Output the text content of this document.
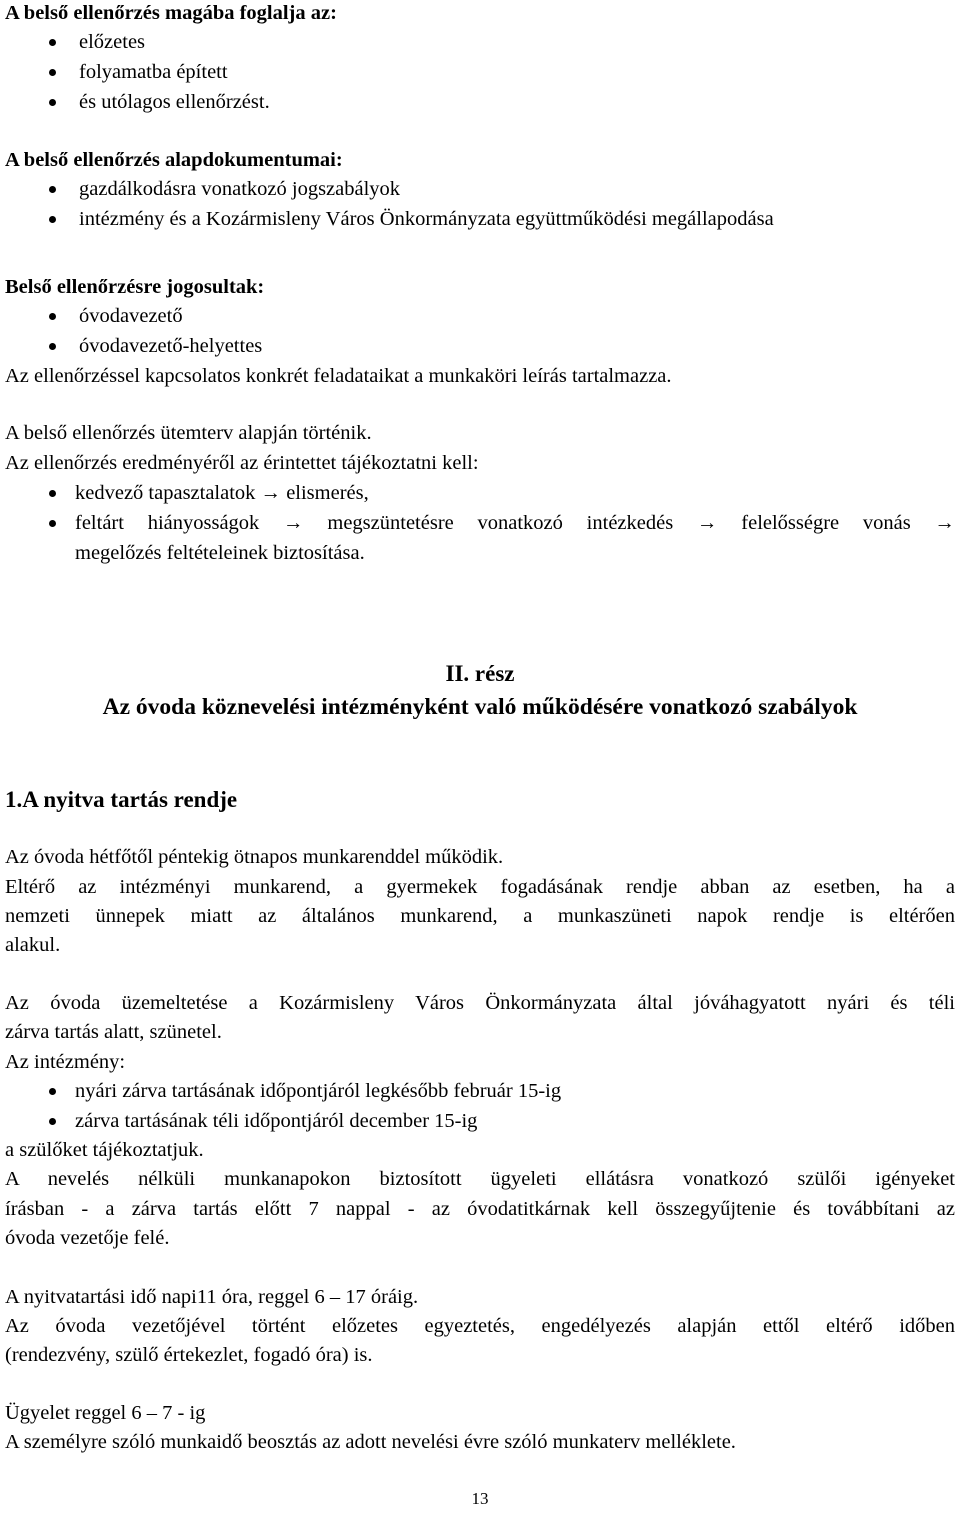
A belső ellenőrzés magába foglalja az:
előzetes
folyamatba épített
és utólagos ellenőrzést.
A belső ellenőrzés alapdokumentumai:
gazdálkodásra vonatkozó jogszabályok
intézmény és a Kozármisleny Város Önkormányzata együttműködési megállapodása
Belső ellenőrzésre jogosultak:
óvodavezető
óvodavezető-helyettes
Az ellenőrzéssel kapcsolatos konkrét feladataikat a munkaköri leírás tartalmazza.
A belső ellenőrzés ütemterv alapján történik.
Az ellenőrzés eredményéről az érintettet tájékoztatni kell:
kedvező tapasztalatok → elismerés,
feltárt hiányosságok → megszüntetésre vonatkozó intézkedés → felelősségre vonás →
megelőzés feltételeinek biztosítása.
II. rész
Az óvoda köznevelési intézményként való működésére vonatkozó szabályok
1.A nyitva tartás rendje
Az óvoda hétfőtől péntekig ötnapos munkarenddel működik.
Eltérő az intézményi munkarend, a gyermekek fogadásának rendje abban az esetben, ha a
nemzeti ünnepek miatt az általános munkarend, a munkaszüneti napok rendje is eltérően
alakul.
Az óvoda üzemeltetése a Kozármisleny Város Önkormányzata által jóváhagyatott nyári és téli
zárva tartás alatt, szünetel.
Az intézmény:
nyári zárva tartásának időpontjáról legkésőbb február 15-ig
zárva tartásának téli időpontjáról december 15-ig
a szülőket tájékoztatjuk.
A nevelés nélküli munkanapokon biztosított ügyeleti ellátásra vonatkozó szülői igényeket
írásban - a zárva tartás előtt 7 nappal - az óvodatitkárnak kell összegyűjtenie és továbbítani az
óvoda vezetője felé.
A nyitvatartási idő napi11 óra, reggel 6 – 17 óráig.
Az óvoda vezetőjével történt előzetes egyeztetés, engedélyezés alapján ettől eltérő időben
(rendezvény, szülő értekezlet, fogadó óra) is.
Ügyelet reggel 6 – 7 - ig
A személyre szóló munkaidő beosztás az adott nevelési évre szóló munkaterv melléklete.
13
